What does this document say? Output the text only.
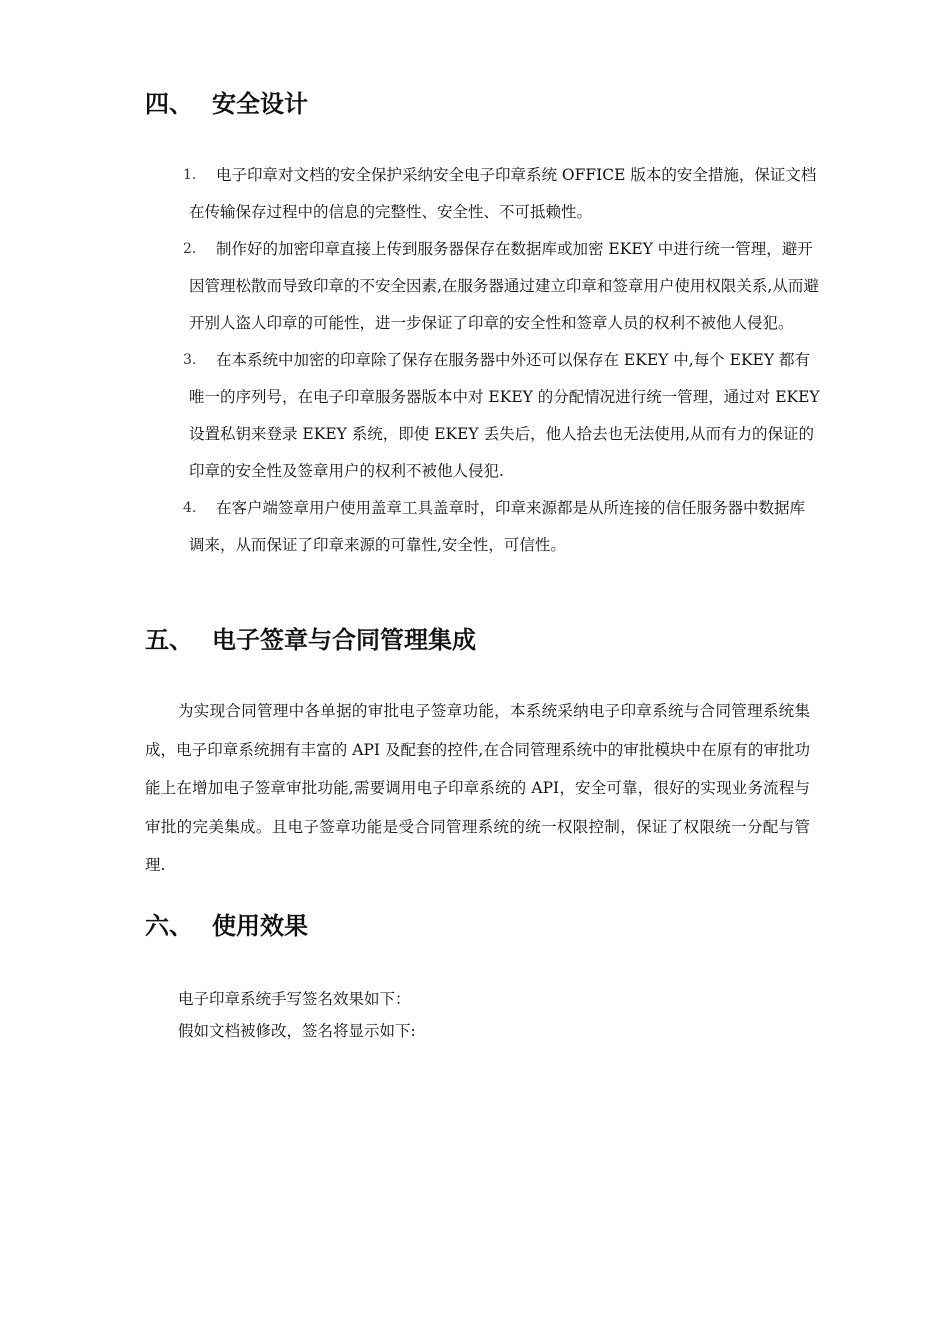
四、 安全设计
1.	电子印章对文档的安全保护采纳安全电子印章系统 OFFICE 版本的安全措施，保证文档在传输保存过程中的信息的完整性、安全性、不可抵赖性。
2.	制作好的加密印章直接上传到服务器保存在数据库或加密 EKEY 中进行统一管理，避开因管理松散而导致印章的不安全因素,在服务器通过建立印章和签章用户使用权限关系,从而避开别人盗人印章的可能性，进一步保证了印章的安全性和签章人员的权利不被他人侵犯。
3.	在本系统中加密的印章除了保存在服务器中外还可以保存在 EKEY 中,每个 EKEY 都有唯一的序列号，在电子印章服务器版本中对 EKEY 的分配情况进行统一管理，通过对 EKEY 设置私钥来登录 EKEY 系统，即使 EKEY 丢失后，他人拾去也无法使用,从而有力的保证的印章的安全性及签章用户的权利不被他人侵犯.
4.	在客户端签章用户使用盖章工具盖章时，印章来源都是从所连接的信任服务器中数据库调来，从而保证了印章来源的可靠性,安全性，可信性。
五、 电子签章与合同管理集成

为实现合同管理中各单据的审批电子签章功能，本系统采纳电子印章系统与合同管理系统集成，电子印章系统拥有丰富的 API 及配套的控件,在合同管理系统中的审批模块中在原有的审批功能上在增加电子签章审批功能,需要调用电子印章系统的 API，安全可靠，很好的实现业务流程与审批的完美集成。且电子签章功能是受合同管理系统的统一权限控制，保证了权限统一分配与管理.

六、 使用效果

电子印章系统手写签名效果如下：

假如文档被修改，签名将显示如下:
